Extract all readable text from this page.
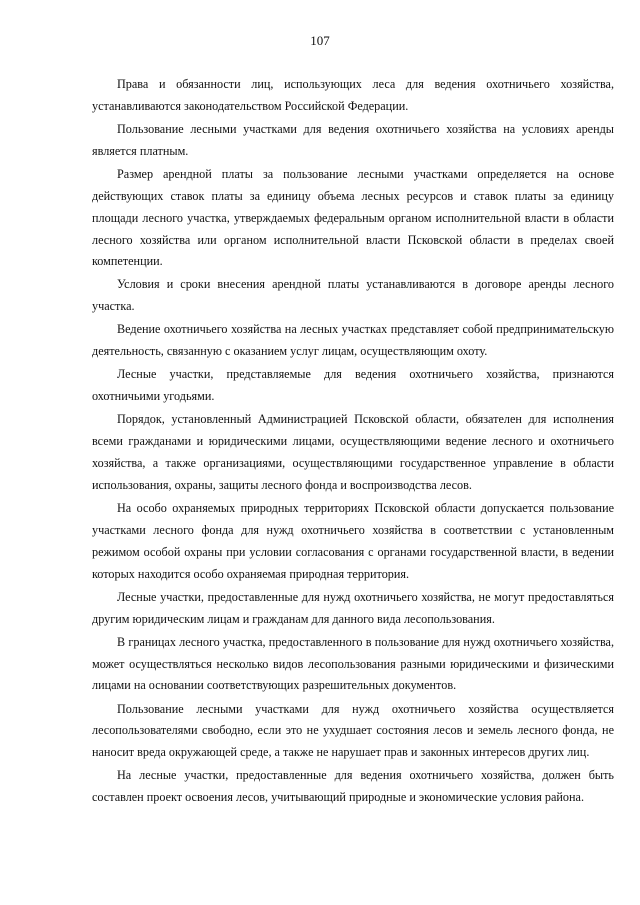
107

Права и обязанности лиц, использующих леса для ведения охотничьего хозяйства, устанавливаются законодательством Российской Федерации.

Пользование лесными участками для ведения охотничьего хозяйства на условиях аренды является платным.

Размер арендной платы за пользование лесными участками определяется на основе действующих ставок платы за единицу объема лесных ресурсов и ставок платы за единицу площади лесного участка, утверждаемых федеральным органом исполнительной власти в области лесного хозяйства или органом исполнительной власти Псковской области в пределах своей компетенции.

Условия и сроки внесения арендной платы устанавливаются в договоре аренды лесного участка.

Ведение охотничьего хозяйства на лесных участках представляет собой предпринимательскую деятельность, связанную с оказанием услуг лицам, осуществляющим охоту.

Лесные участки, представляемые для ведения охотничьего хозяйства, признаются охотничьими угодьями.

Порядок, установленный Администрацией Псковской области, обязателен для исполнения всеми гражданами и юридическими лицами, осуществляющими ведение лесного и охотничьего хозяйства, а также организациями, осуществляющими государственное управление в области использования, охраны, защиты лесного фонда и воспроизводства лесов.

На особо охраняемых природных территориях Псковской области допускается пользование участками лесного фонда для нужд охотничьего хозяйства в соответствии с установленным режимом особой охраны при условии согласования с органами государственной власти, в ведении которых находится особо охраняемая природная территория.

Лесные участки, предоставленные для нужд охотничьего хозяйства, не могут предоставляться другим юридическим лицам и гражданам для данного вида лесопользования.

В границах лесного участка, предоставленного в пользование для нужд охотничьего хозяйства, может осуществляться несколько видов лесопользования разными юридическими и физическими лицами на основании соответствующих разрешительных документов.

Пользование лесными участками для нужд охотничьего хозяйства осуществляется лесопользователями свободно, если это не ухудшает состояния лесов и земель лесного фонда, не наносит вреда окружающей среде, а также не нарушает прав и законных интересов других лиц.

На лесные участки, предоставленные для ведения охотничьего хозяйства, должен быть составлен проект освоения лесов, учитывающий природные и экономические условия района.
